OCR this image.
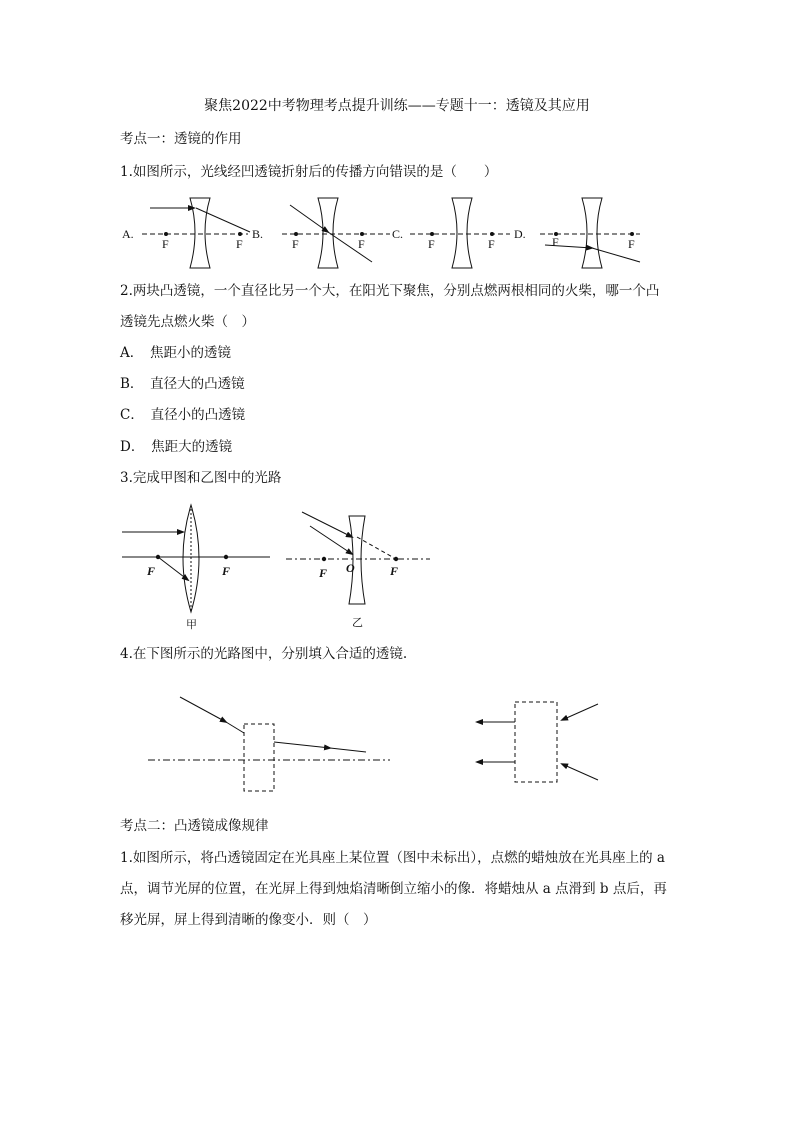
聚焦2022中考物理考点提升训练——专题十一：透镜及其应用
考点一：透镜的作用
1.如图所示，光线经凹透镜折射后的传播方向错误的是（　　）
A.	B.	C.	D.
F	F	F	F	F	F	F	F
2.两块凸透镜，一个直径比另一个大，在阳光下聚焦，分别点燃两根相同的火柴，哪一个凸
透镜先点燃火柴（　）
A．　焦距小的透镜
B．　直径大的凸透镜
C．　直径小的凸透镜
D．　焦距大的透镜
3.完成甲图和乙图中的光路
F	F	F O	F
甲	乙
4.在下图所示的光路图中，分别填入合适的透镜.
考点二：凸透镜成像规律
1.如图所示，将凸透镜固定在光具座上某位置（图中未标出），点燃的蜡烛放在光具座上的 a
点，调节光屏的位置，在光屏上得到烛焰清晰倒立缩小的像．将蜡烛从 a 点滑到 b 点后，再
移光屏，屏上得到清晰的像变小．则（　）
